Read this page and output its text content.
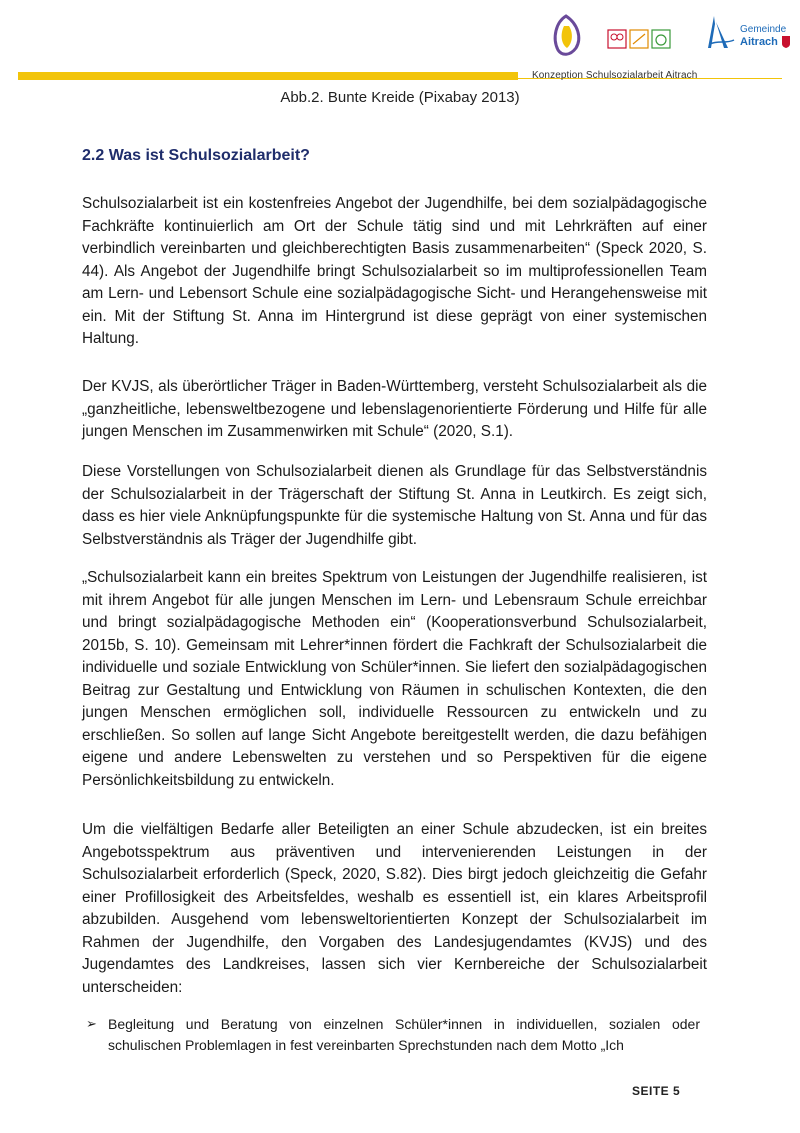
Gemeinde
Aitrach
Konzeption Schulsozialarbeit Aitrach
Abb.2. Bunte Kreide (Pixabay 2013)
2.2 Was ist Schulsozialarbeit?
Schulsozialarbeit ist ein kostenfreies Angebot der Jugendhilfe, bei dem sozialpädagogische Fachkräfte kontinuierlich am Ort der Schule tätig sind und mit Lehrkräften auf einer verbindlich vereinbarten und gleichberechtigten Basis zusammenarbeiten“ (Speck 2020, S. 44). Als Angebot der Jugendhilfe bringt Schulsozialarbeit so im multiprofessionellen Team am Lern- und Lebensort Schule eine sozialpädagogische Sicht- und Herangehensweise mit ein. Mit der Stiftung St. Anna im Hintergrund ist diese geprägt von einer systemischen Haltung.
Der KVJS, als überörtlicher Träger in Baden-Württemberg, versteht Schulsozialarbeit als die „ganzheitliche, lebensweltbezogene und lebenslagenorientierte Förderung und Hilfe für alle jungen Menschen im Zusammenwirken mit Schule“ (2020, S.1).
Diese Vorstellungen von Schulsozialarbeit dienen als Grundlage für das Selbstverständnis der Schulsozialarbeit in der Trägerschaft der Stiftung St. Anna in Leutkirch. Es zeigt sich, dass es hier viele Anknüpfungspunkte für die systemische Haltung von St. Anna und für das Selbstverständnis als Träger der Jugendhilfe gibt.
„Schulsozialarbeit kann ein breites Spektrum von Leistungen der Jugendhilfe realisieren, ist mit ihrem Angebot für alle jungen Menschen im Lern- und Lebensraum Schule erreichbar und bringt sozialpädagogische Methoden ein“ (Kooperationsverbund Schulsozialarbeit, 2015b, S. 10). Gemeinsam mit Lehrer*innen fördert die Fachkraft der Schulsozialarbeit die individuelle und soziale Entwicklung von Schüler*innen. Sie liefert den sozialpädagogischen Beitrag zur Gestaltung und Entwicklung von Räumen in schulischen Kontexten, die den jungen Menschen ermöglichen soll, individuelle Ressourcen zu entwickeln und zu erschließen. So sollen auf lange Sicht Angebote bereitgestellt werden, die dazu befähigen eigene und andere Lebenswelten zu verstehen und so Perspektiven für die eigene Persönlichkeitsbildung zu entwickeln.
Um die vielfältigen Bedarfe aller Beteiligten an einer Schule abzudecken, ist ein breites Angebotsspektrum aus präventiven und intervenierenden Leistungen in der Schulsozialarbeit erforderlich (Speck, 2020, S.82). Dies birgt jedoch gleichzeitig die Gefahr einer Profillosigkeit des Arbeitsfeldes, weshalb es essentiell ist, ein klares Arbeitsprofil abzubilden. Ausgehend vom lebensweltorientierten Konzept der Schulsozialarbeit im Rahmen der Jugendhilfe, den Vorgaben des Landesjugendamtes (KVJS) und des Jugendamtes des Landkreises, lassen sich vier Kernbereiche der Schulsozialarbeit unterscheiden:
➢ Begleitung und Beratung von einzelnen Schüler*innen in individuellen, sozialen oder schulischen Problemlagen in fest vereinbarten Sprechstunden nach dem Motto „Ich
SEITE 5
